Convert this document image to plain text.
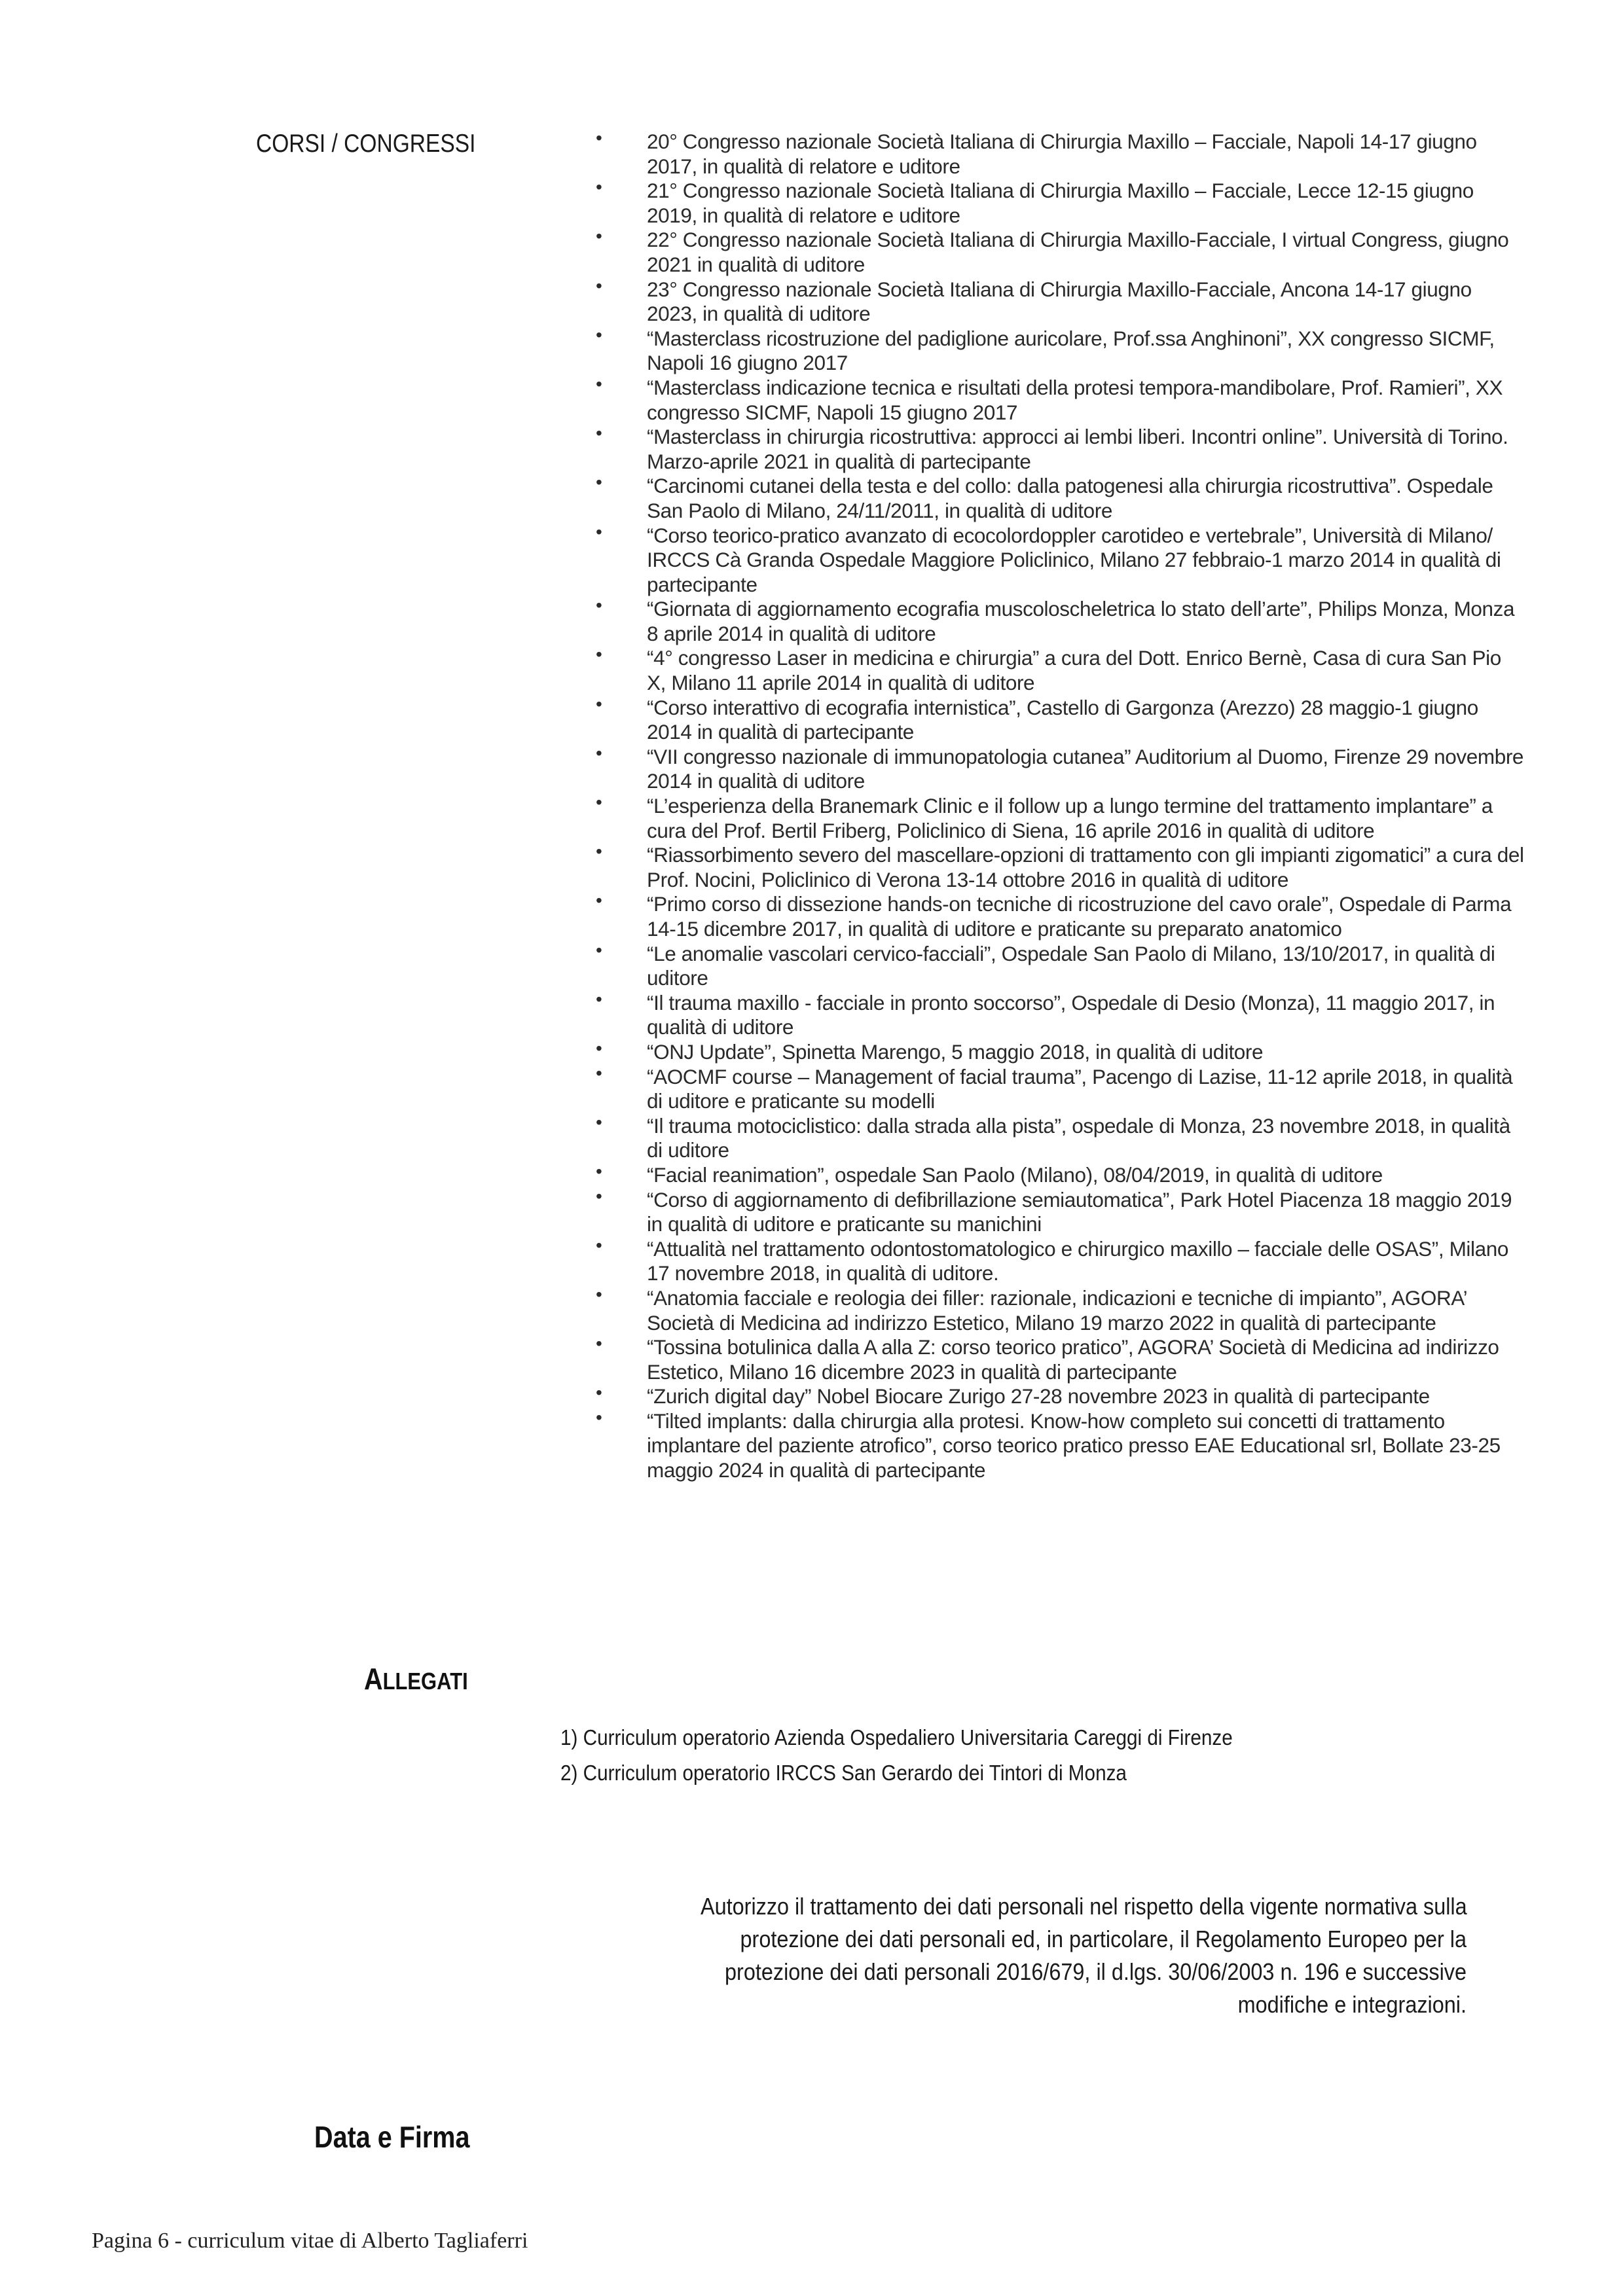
CORSI / CONGRESSI
•	20° Congresso nazionale Società Italiana di Chirurgia Maxillo – Facciale, Napoli 14-17 giugno 2017, in qualità di relatore e uditore
• 21° Congresso nazionale Società Italiana di Chirurgia Maxillo – Facciale, Lecce 12-15 giugno 2019, in qualità di relatore e uditore
• 22° Congresso nazionale Società Italiana di Chirurgia Maxillo-Facciale, I virtual Congress, giugno 2021 in qualità di uditore
• 23° Congresso nazionale Società Italiana di Chirurgia Maxillo-Facciale, Ancona 14-17 giugno 2023, in qualità di uditore
• “Masterclass ricostruzione del padiglione auricolare, Prof.ssa Anghinoni”, XX congresso SICMF, Napoli 16 giugno 2017
• “Masterclass indicazione tecnica e risultati della protesi tempora-mandibolare, Prof. Ramieri”, XX congresso SICMF, Napoli 15 giugno 2017
• “Masterclass in chirurgia ricostruttiva: approcci ai lembi liberi. Incontri online”. Università di Torino. Marzo-aprile 2021 in qualità di partecipante
• “Carcinomi cutanei della testa e del collo: dalla patogenesi alla chirurgia ricostruttiva”. Ospedale San Paolo di Milano, 24/11/2011, in qualità di uditore
• “Corso teorico-pratico avanzato di ecocolordoppler carotideo e vertebrale”, Università di Milano/ IRCCS Cà Granda Ospedale Maggiore Policlinico, Milano 27 febbraio-1 marzo 2014 in qualità di partecipante
• “Giornata di aggiornamento ecografia muscoloscheletrica lo stato dell’arte”, Philips Monza, Monza 8 aprile 2014 in qualità di uditore
• “4° congresso Laser in medicina e chirurgia” a cura del Dott. Enrico Bernè, Casa di cura San Pio X, Milano 11 aprile 2014 in qualità di uditore
• “Corso interattivo di ecografia internistica”, Castello di Gargonza (Arezzo) 28 maggio-1 giugno 2014 in qualità di partecipante
• “VII congresso nazionale di immunopatologia cutanea” Auditorium al Duomo, Firenze 29 novembre 2014 in qualità di uditore
• “L’esperienza della Branemark Clinic e il follow up a lungo termine del trattamento implantare” a cura del Prof. Bertil Friberg, Policlinico di Siena, 16 aprile 2016 in qualità di uditore
• “Riassorbimento severo del mascellare-opzioni di trattamento con gli impianti zigomatici” a cura del Prof. Nocini, Policlinico di Verona 13-14 ottobre 2016 in qualità di uditore
• “Primo corso di dissezione hands-on tecniche di ricostruzione del cavo orale”, Ospedale di Parma 14-15 dicembre 2017, in qualità di uditore e praticante su preparato anatomico
• “Le anomalie vascolari cervico-facciali”, Ospedale San Paolo di Milano, 13/10/2017, in qualità di uditore
• “Il trauma maxillo - facciale in pronto soccorso”, Ospedale di Desio (Monza), 11 maggio 2017, in qualità di uditore
• “ONJ Update”, Spinetta Marengo, 5 maggio 2018, in qualità di uditore
• “AOCMF course – Management of facial trauma”, Pacengo di Lazise, 11-12 aprile 2018, in qualità di uditore e praticante su modelli
• “Il trauma motociclistico: dalla strada alla pista”, ospedale di Monza, 23 novembre 2018, in qualità di uditore
• “Facial reanimation”, ospedale San Paolo (Milano), 08/04/2019, in qualità di uditore
• “Corso di aggiornamento di defibrillazione semiautomatica”, Park Hotel Piacenza 18 maggio 2019 in qualità di uditore e praticante su manichini
• “Attualità nel trattamento odontostomatologico e chirurgico maxillo – facciale delle OSAS”, Milano 17 novembre 2018, in qualità di uditore.
• “Anatomia facciale e reologia dei filler: razionale, indicazioni e tecniche di impianto”, AGORA’ Società di Medicina ad indirizzo Estetico, Milano 19 marzo 2022 in qualità di partecipante
• “Tossina botulinica dalla A alla Z: corso teorico pratico”, AGORA’ Società di Medicina ad indirizzo Estetico, Milano 16 dicembre 2023 in qualità di partecipante
• “Zurich digital day” Nobel Biocare Zurigo 27-28 novembre 2023 in qualità di partecipante
• “Tilted implants: dalla chirurgia alla protesi. Know-how completo sui concetti di trattamento implantare del paziente atrofico”, corso teorico pratico presso EAE Educational srl, Bollate 23-25 maggio 2024 in qualità di partecipante
ALLEGATI
1) Curriculum operatorio Azienda Ospedaliero Universitaria Careggi di Firenze
2) Curriculum operatorio IRCCS San Gerardo dei Tintori di Monza
Autorizzo il trattamento dei dati personali nel rispetto della vigente normativa sulla
protezione dei dati personali ed, in particolare, il Regolamento Europeo per la
protezione dei dati personali 2016/679, il d.lgs. 30/06/2003 n. 196 e successive
modifiche e integrazioni.
Data e Firma
Pagina 6 - curriculum vitae di Alberto Tagliaferri
